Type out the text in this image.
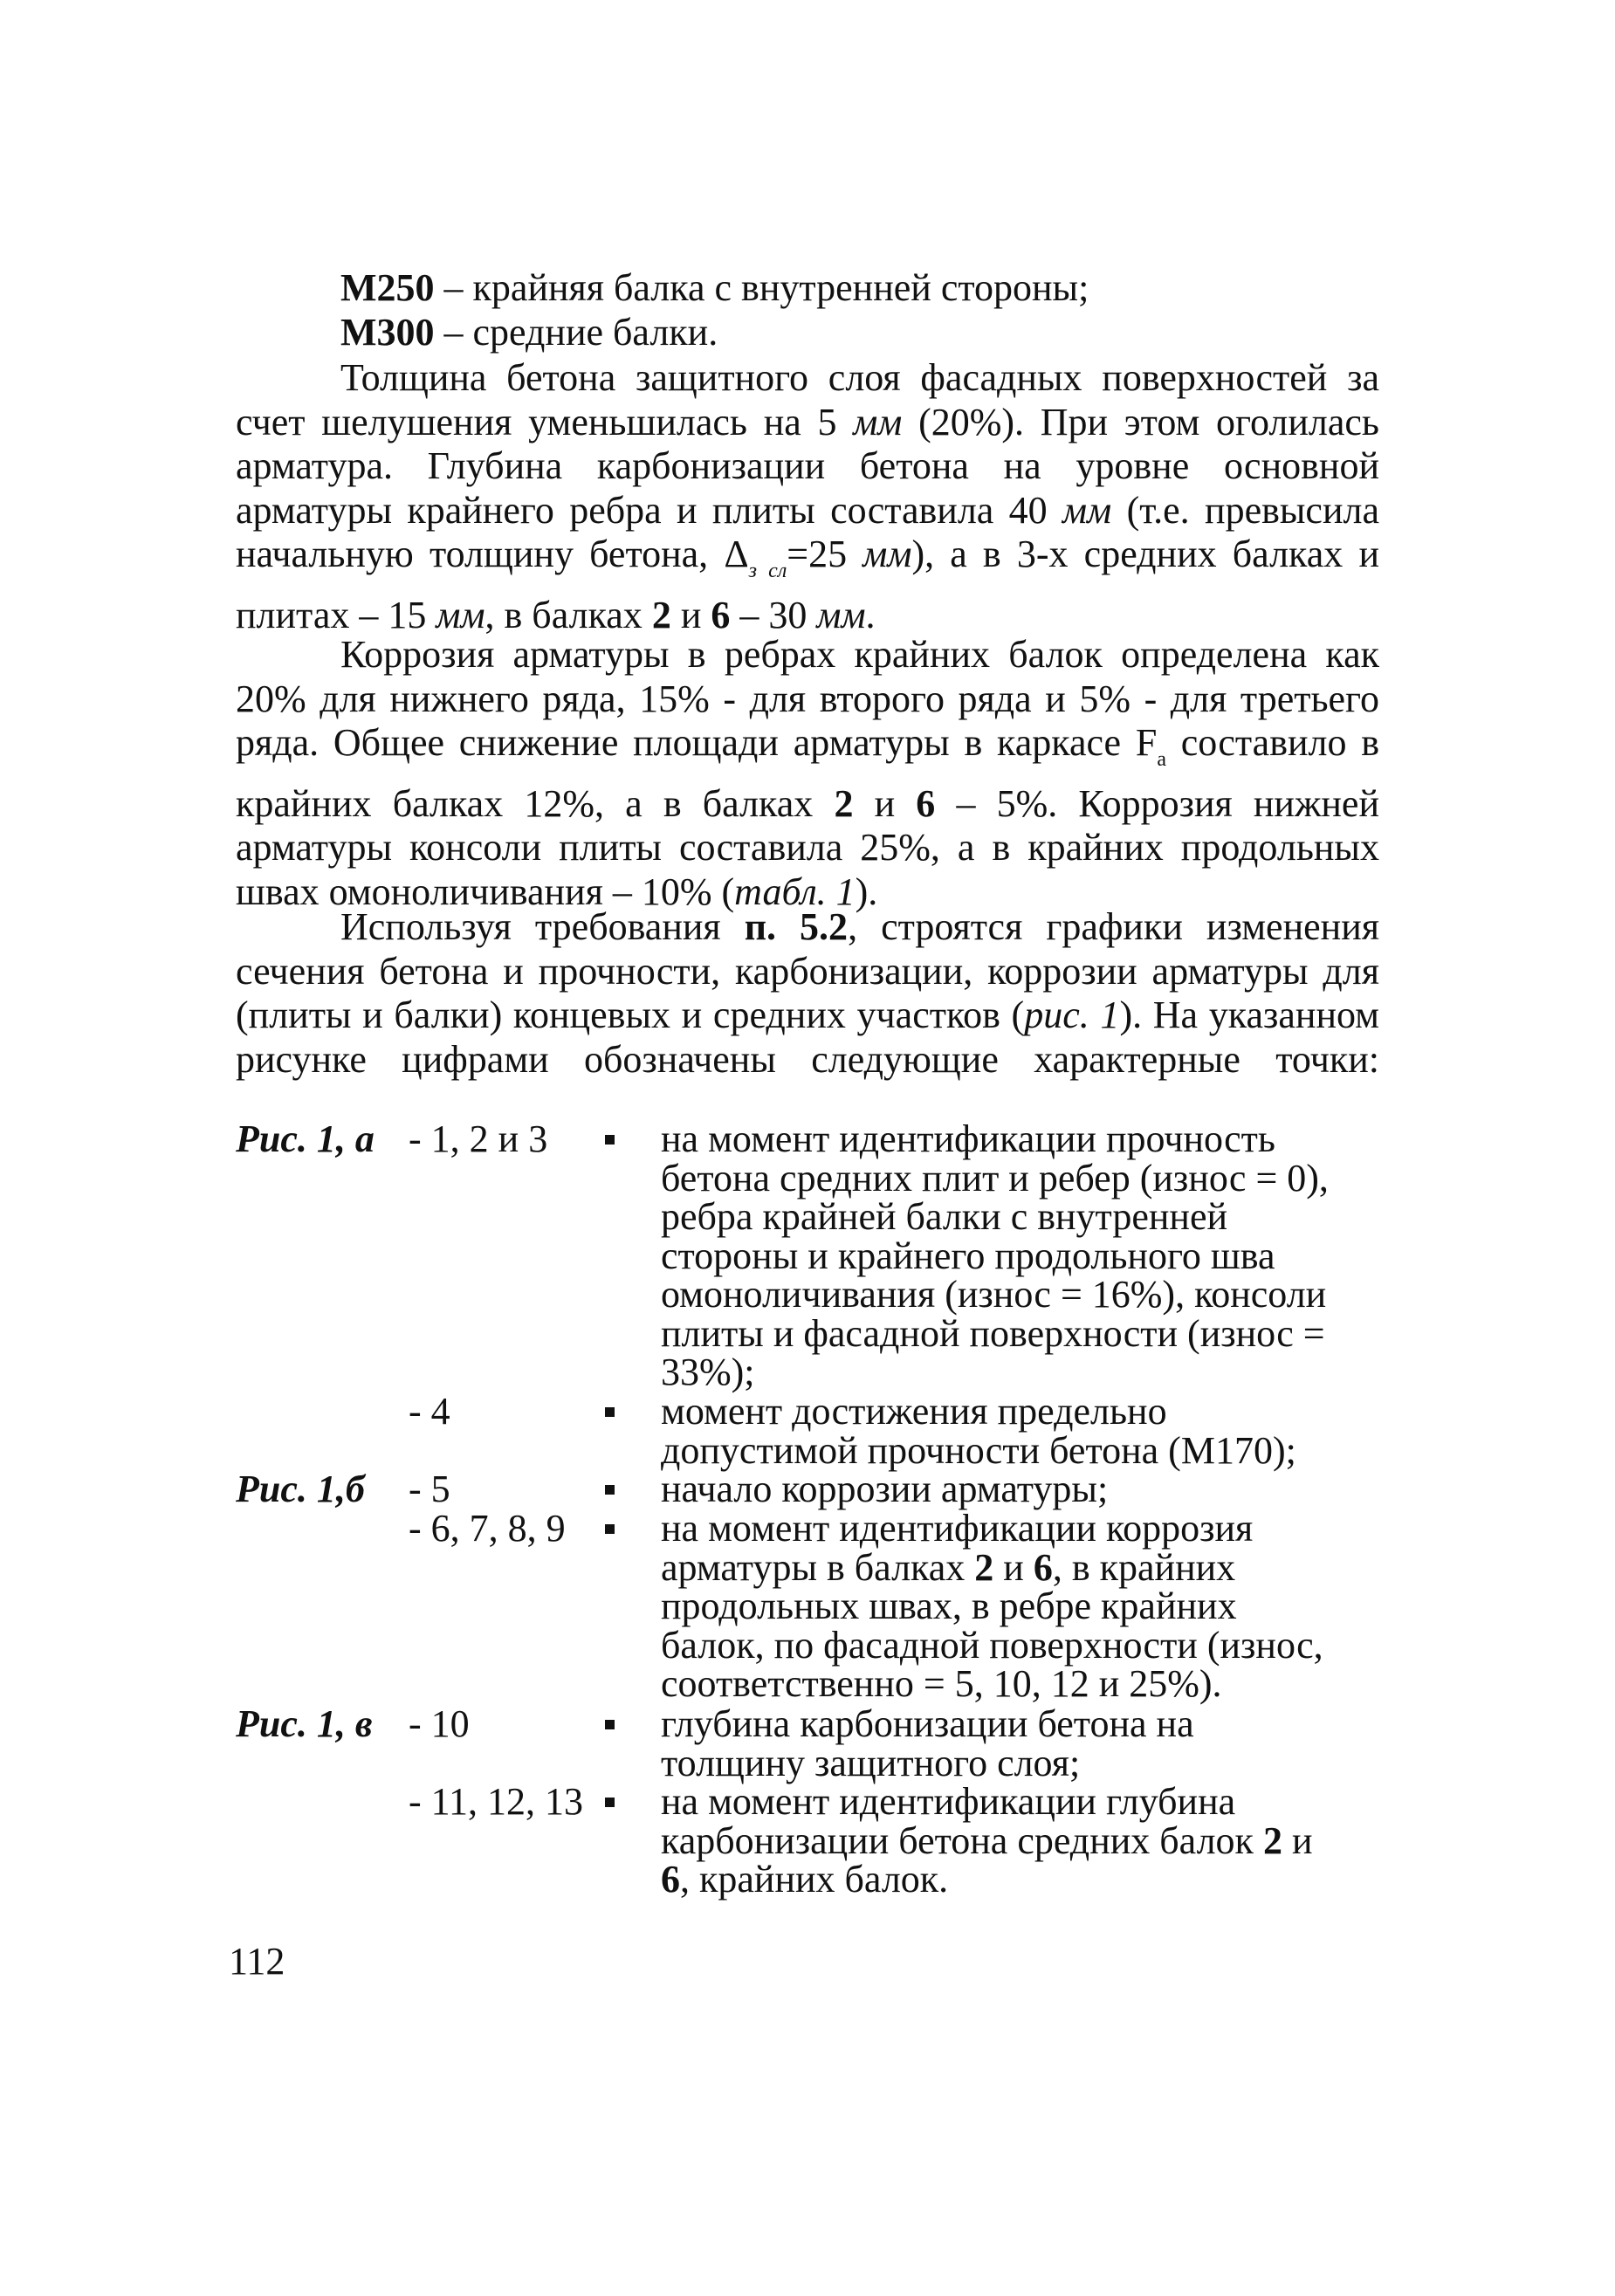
М250 – крайняя балка с внутренней стороны;
М300 – средние балки.
Толщина бетона защитного слоя фасадных поверхностей за
счет шелушения уменьшилась на 5 мм (20%). При этом оголилась
арматура. Глубина карбонизации бетона на уровне основной
арматуры крайнего ребра и плиты составила 40 мм (т.е. превысила
начальную толщину бетона, $\Delta_{з сл}=25$ мм), а в 3-х средних балках и
плитах – 15 мм, в балках 2 и 6 – 30 мм.
Коррозия арматуры в ребрах крайних балок определена как
20% для нижнего ряда, 15% - для второго ряда и 5% - для третьего
ряда. Общее снижение площади арматуры в каркасе $F_а$ составило в
крайних балках 12%, а в балках 2 и 6 – 5%. Коррозия нижней
арматуры консоли плиты составила 25%, а в крайних продольных
швах омоноличивания – 10% (табл. 1).
Используя требования п. 5.2, строятся графики изменения
сечения бетона и прочности, карбонизации, коррозии арматуры для
(плиты и балки) концевых и средних участков (рис. 1). На указанном
рисунке цифрами обозначены следующие характерные точки:
Рис. 1, а - 1, 2 и 3	на момент идентификации прочность
бетона средних плит и ребер (износ = 0),
ребра крайней балки с внутренней
стороны и крайнего продольного шва
омоноличивания (износ = 16%), консоли
плиты и фасадной поверхности (износ =
33%);
- 4	момент достижения предельно
допустимой прочности бетона (М170);
Рис. 1,б - 5	начало коррозии арматуры;
- 6, 7, 8, 9 на момент идентификации коррозия
арматуры в балках 2 и 6, в крайних
продольных швах, в ребре крайних
балок, по фасадной поверхности (износ,
соответственно = 5, 10, 12 и 25%).
Рис. 1, в - 10	глубина карбонизации бетона на
толщину защитного слоя;
- 11, 12, 13 на момент идентификации глубина
карбонизации бетона средних балок 2 и
6, крайних балок.
112
